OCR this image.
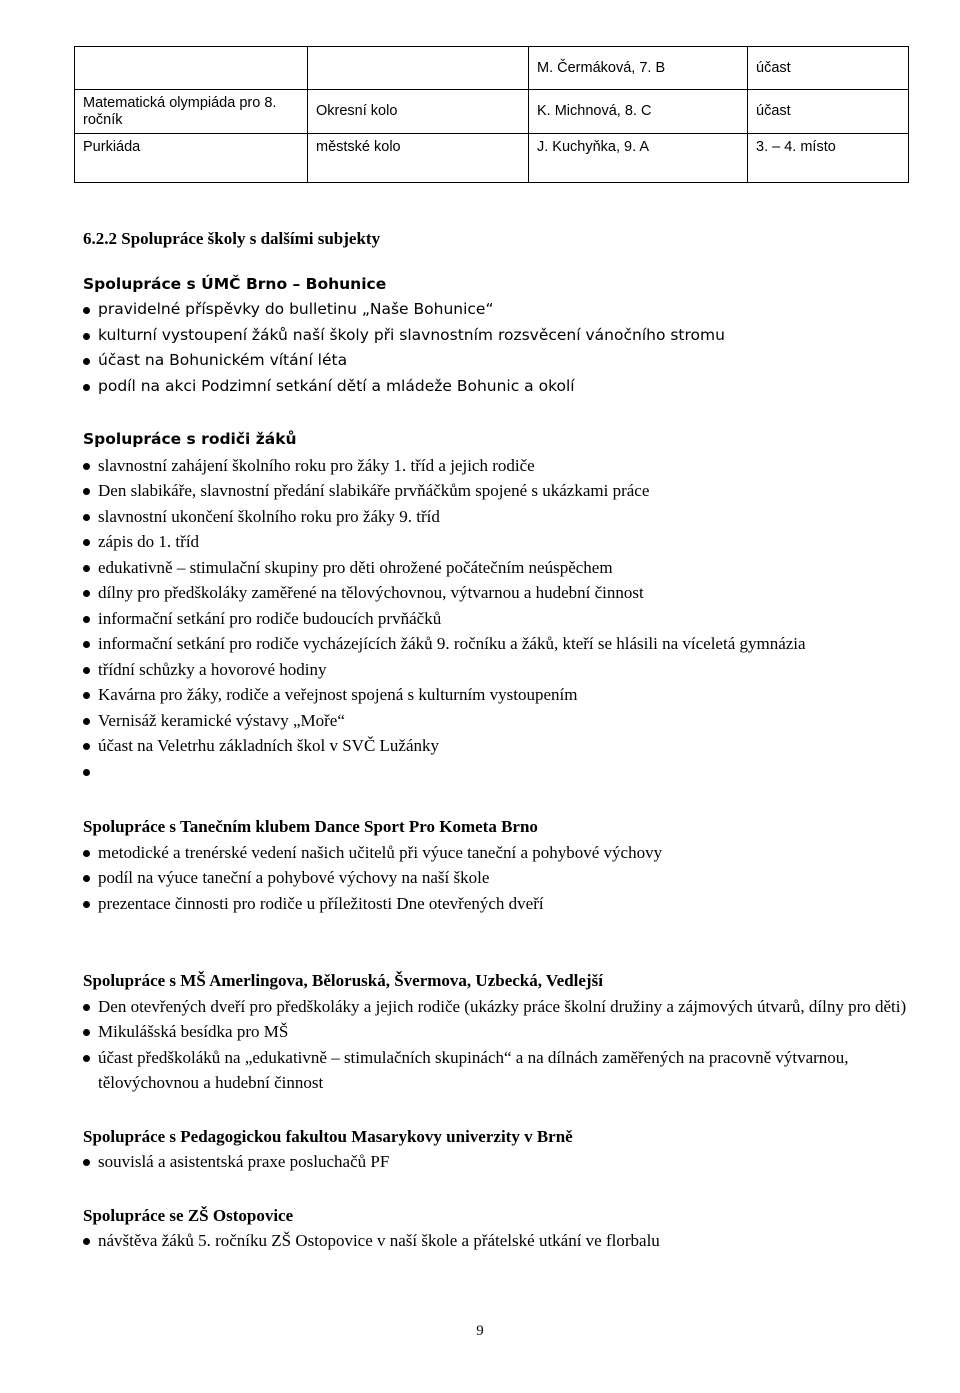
		M. Čermáková, 7. B	účast
Matematická olympiáda pro 8. ročník	Okresní kolo	K. Michnová, 8. C	účast
Purkiáda	městské kolo	J. Kuchyňka, 9. A	3. – 4. místo

6.2.2 Spolupráce školy s dalšími subjekty

Spolupráce s ÚMČ Brno – Bohunice

pravidelné příspěvky do bulletinu „Naše Bohunice“
kulturní vystoupení žáků naší školy při slavnostním rozsvěcení vánočního stromu
účast na Bohunickém vítání léta
podíl na akci Podzimní setkání dětí a mládeže Bohunic a okolí

Spolupráce s rodiči žáků

slavnostní zahájení školního roku pro žáky 1. tříd a jejich rodiče
Den slabikáře, slavnostní předání slabikáře prvňáčkům spojené s ukázkami práce
slavnostní ukončení školního roku pro žáky 9. tříd
zápis do 1. tříd
edukativně – stimulační skupiny pro děti ohrožené počátečním neúspěchem
dílny pro předškoláky zaměřené na tělovýchovnou, výtvarnou a hudební činnost
informační setkání pro rodiče budoucích prvňáčků
informační setkání pro rodiče vycházejících žáků 9. ročníku a žáků, kteří se hlásili na víceletá gymnázia
třídní schůzky a hovorové hodiny
Kavárna pro žáky, rodiče a veřejnost spojená s kulturním vystoupením
Vernisáž keramické výstavy „Moře“
účast na Veletrhu základních škol v SVČ Lužánky

Spolupráce s Tanečním klubem Dance Sport Pro Kometa Brno

metodické a trenérské vedení našich učitelů při výuce taneční a pohybové výchovy
podíl na výuce taneční a pohybové výchovy na naší škole
prezentace činnosti pro rodiče u příležitosti Dne otevřených dveří

Spolupráce s MŠ Amerlingova, Běloruská, Švermova, Uzbecká, Vedlejší

Den otevřených dveří pro předškoláky a jejich rodiče (ukázky práce školní družiny a zájmových útvarů, dílny pro děti)
Mikulášská besídka pro MŠ
účast předškoláků na „edukativně – stimulačních skupinách“ a na dílnách zaměřených na pracovně výtvarnou, tělovýchovnou a hudební činnost

Spolupráce s Pedagogickou fakultou Masarykovy univerzity v Brně

souvislá a asistentská praxe posluchačů PF

Spolupráce se ZŠ Ostopovice

návštěva žáků 5. ročníku ZŠ Ostopovice v naší škole a přátelské utkání ve florbalu
9
